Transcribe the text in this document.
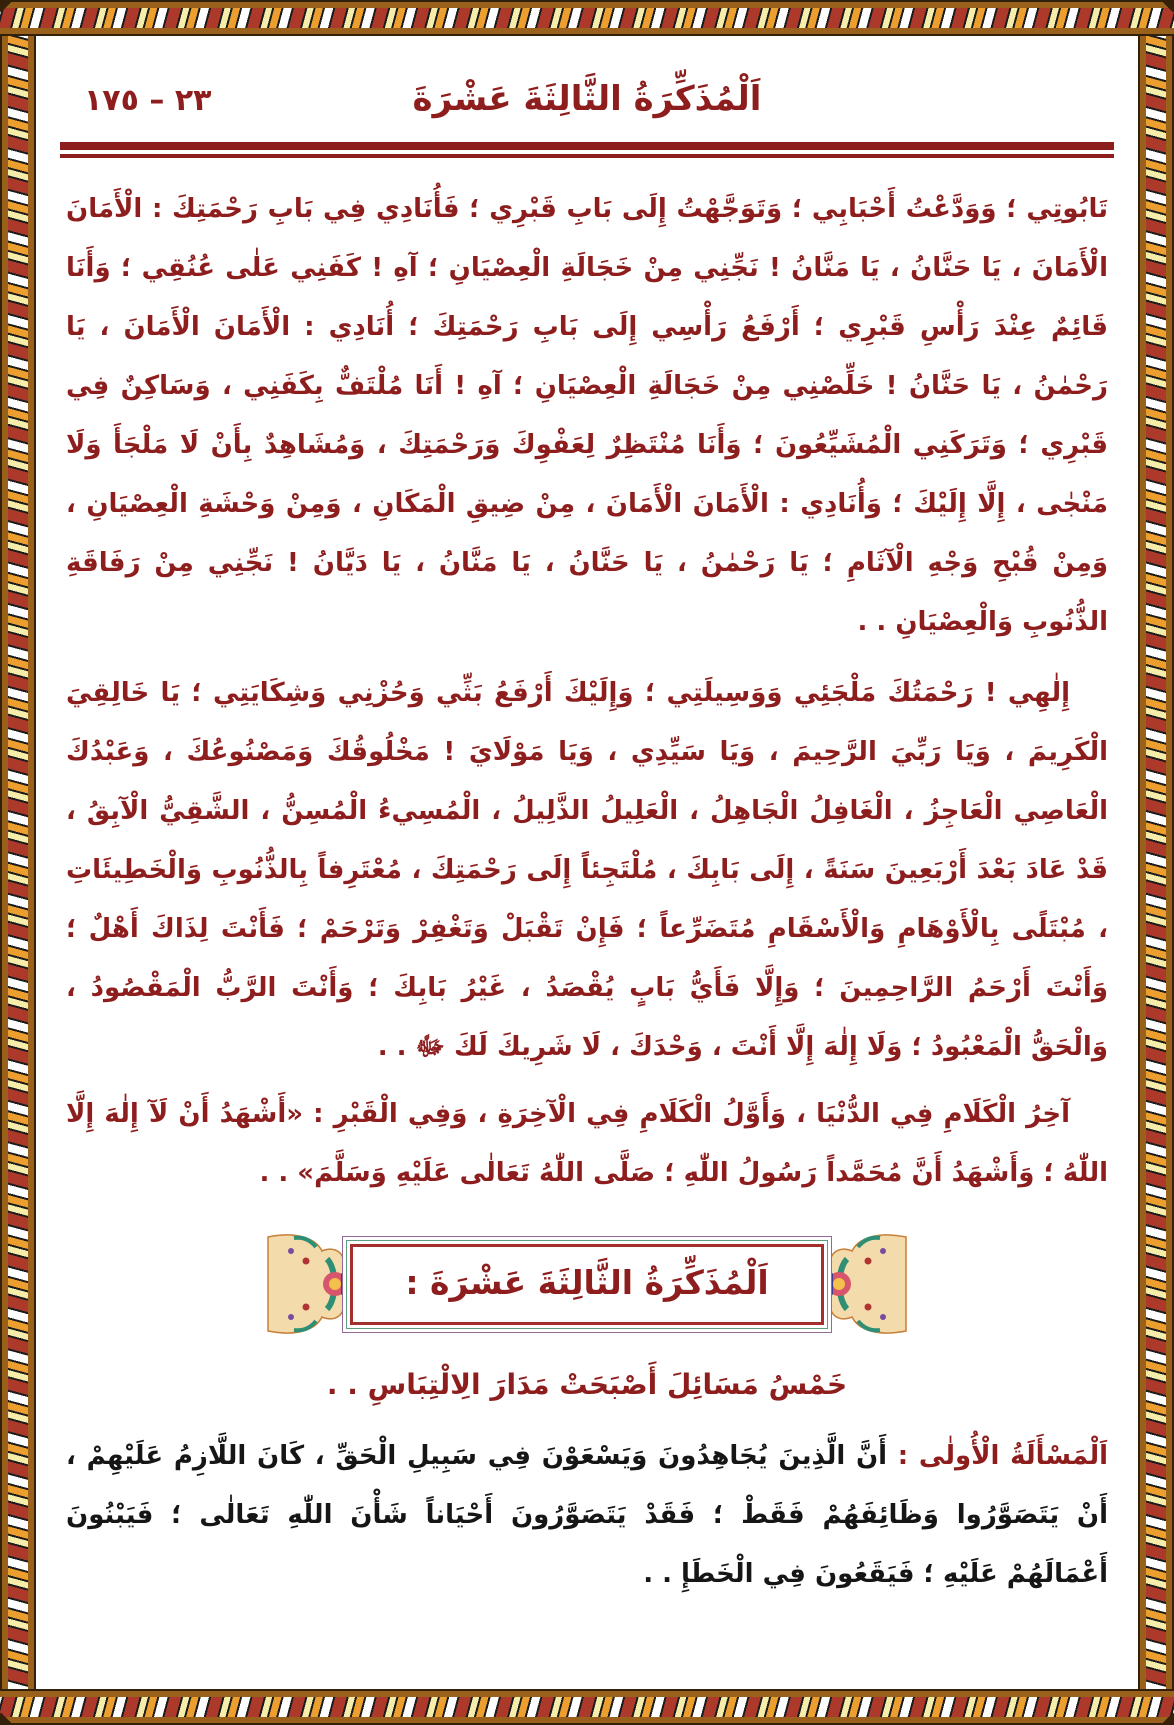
اَلْمُذَكِّرَةُ الثَّالِثَةَ عَشْرَةَ
٢٣ – ١٧٥

تَابُوتِي ؛ وَوَدَّعْتُ أَحْبَابِي ؛ وَتَوَجَّهْتُ إِلَى بَابِ قَبْرِي ؛ فَأُنَادِي فِي بَابِ رَحْمَتِكَ : الْأَمَانَ الْأَمَانَ ، يَا حَنَّانُ ، يَا مَنَّانُ ! نَجِّنِي مِنْ خَجَالَةِ الْعِصْيَانِ ؛ آهِ ! كَفَنِي عَلٰى عُنُقِي ؛ وَأَنَا قَائِمٌ عِنْدَ رَأْسِ قَبْرِي ؛ أَرْفَعُ رَأْسِي إِلَى بَابِ رَحْمَتِكَ ؛ أُنَادِي : الْأَمَانَ الْأَمَانَ ، يَا رَحْمٰنُ ، يَا حَنَّانُ ! خَلِّصْنِي مِنْ خَجَالَةِ الْعِصْيَانِ ؛ آهِ ! أَنَا مُلْتَفٌّ بِكَفَنِي ، وَسَاكِنٌ فِي قَبْرِي ؛ وَتَرَكَنِي الْمُشَيِّعُونَ ؛ وَأَنَا مُنْتَظِرٌ لِعَفْوِكَ وَرَحْمَتِكَ ، وَمُشَاهِدٌ بِأَنْ لَا مَلْجَأَ وَلَا مَنْجٰى ، إِلَّا إِلَيْكَ ؛ وَأُنَادِي : الْأَمَانَ الْأَمَانَ ، مِنْ ضِيقِ الْمَكَانِ ، وَمِنْ وَحْشَةِ الْعِصْيَانِ ، وَمِنْ قُبْحِ وَجْهِ الْآثَامِ ؛ يَا رَحْمٰنُ ، يَا حَنَّانُ ، يَا مَنَّانُ ، يَا دَيَّانُ ! نَجِّنِي مِنْ رَفَاقَةِ الذُّنُوبِ وَالْعِصْيَانِ . .

إِلٰهِي ! رَحْمَتُكَ مَلْجَئِي وَوَسِيلَتِي ؛ وَإِلَيْكَ أَرْفَعُ بَثِّي وَحُزْنِي وَشِكَايَتِي ؛ يَا خَالِقِيَ الْكَرِيمَ ، وَيَا رَبِّيَ الرَّحِيمَ ، وَيَا سَيِّدِي ، وَيَا مَوْلَايَ ! مَخْلُوقُكَ وَمَصْنُوعُكَ ، وَعَبْدُكَ الْعَاصِي الْعَاجِزُ ، الْغَافِلُ الْجَاهِلُ ، الْعَلِيلُ الذَّلِيلُ ، الْمُسِيءُ الْمُسِنُّ ، الشَّقِيُّ الْآبِقُ ، قَدْ عَادَ بَعْدَ أَرْبَعِينَ سَنَةً ، إِلَى بَابِكَ ، مُلْتَجِئاً إِلَى رَحْمَتِكَ ، مُعْتَرِفاً بِالذُّنُوبِ وَالْخَطِيئَاتِ ، مُبْتَلًى بِالْأَوْهَامِ وَالْأَسْقَامِ مُتَضَرِّعاً ؛ فَإِنْ تَقْبَلْ وَتَغْفِرْ وَتَرْحَمْ ؛ فَأَنْتَ لِذَاكَ أَهْلٌ ؛ وَأَنْتَ أَرْحَمُ الرَّاحِمِينَ ؛ وَإِلَّا فَأَيُّ بَابٍ يُقْصَدُ ، غَيْرُ بَابِكَ ؛ وَأَنْتَ الرَّبُّ الْمَقْصُودُ ، وَالْحَقُّ الْمَعْبُودُ ؛ وَلَا إِلٰهَ إِلَّا أَنْتَ ، وَحْدَكَ ، لَا شَرِيكَ لَكَ ﷻ . .

آخِرُ الْكَلَامِ فِي الدُّنْيَا ، وَأَوَّلُ الْكَلَامِ فِي الْآخِرَةِ ، وَفِي الْقَبْرِ : «أَشْهَدُ أَنْ لَآ إِلٰهَ إِلَّا اللّٰهُ ؛ وَأَشْهَدُ أَنَّ مُحَمَّداً رَسُولُ اللّٰهِ ؛ صَلَّى اللّٰهُ تَعَالٰى عَلَيْهِ وَسَلَّمَ» . .

اَلْمُذَكِّرَةُ الثَّالِثَةَ عَشْرَةَ :
خَمْسُ مَسَائِلَ أَصْبَحَتْ مَدَارَ الِالْتِبَاسِ . .

اَلْمَسْأَلَةُ الْأُولٰى : أَنَّ الَّذِينَ يُجَاهِدُونَ وَيَسْعَوْنَ فِي سَبِيلِ الْحَقِّ ، كَانَ اللَّازِمُ عَلَيْهِمْ ، أَنْ يَتَصَوَّرُوا وَظَائِفَهُمْ فَقَطْ ؛ فَقَدْ يَتَصَوَّرُونَ أَحْيَاناً شَأْنَ اللّٰهِ تَعَالٰى ؛ فَيَبْنُونَ أَعْمَالَهُمْ عَلَيْهِ ؛ فَيَقَعُونَ فِي الْخَطَإِ . .
